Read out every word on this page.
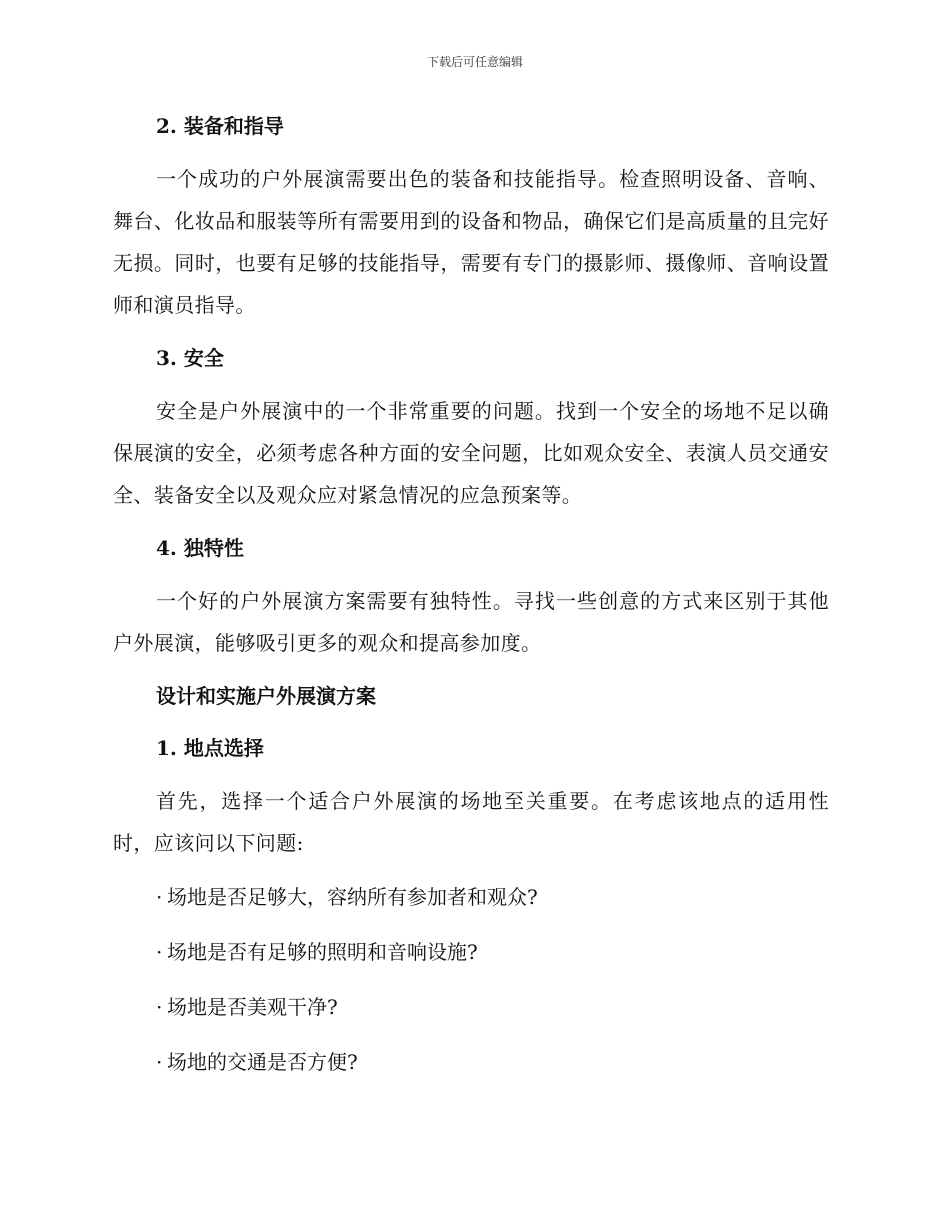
下载后可任意编辑
2. 装备和指导

一个成功的户外展演需要出色的装备和技能指导。检查照明设备、音响、舞台、化妆品和服装等所有需要用到的设备和物品，确保它们是高质量的且完好无损。同时，也要有足够的技能指导，需要有专门的摄影师、摄像师、音响设置师和演员指导。

3. 安全

安全是户外展演中的一个非常重要的问题。找到一个安全的场地不足以确保展演的安全，必须考虑各种方面的安全问题，比如观众安全、表演人员交通安全、装备安全以及观众应对紧急情况的应急预案等。

4. 独特性

一个好的户外展演方案需要有独特性。寻找一些创意的方式来区别于其他户外展演，能够吸引更多的观众和提高参加度。

设计和实施户外展演方案
1. 地点选择

首先，选择一个适合户外展演的场地至关重要。在考虑该地点的适用性时，应该问以下问题:

· 场地是否足够大，容纳所有参加者和观众?
· 场地是否有足够的照明和音响设施?
· 场地是否美观干净?
· 场地的交通是否方便?
